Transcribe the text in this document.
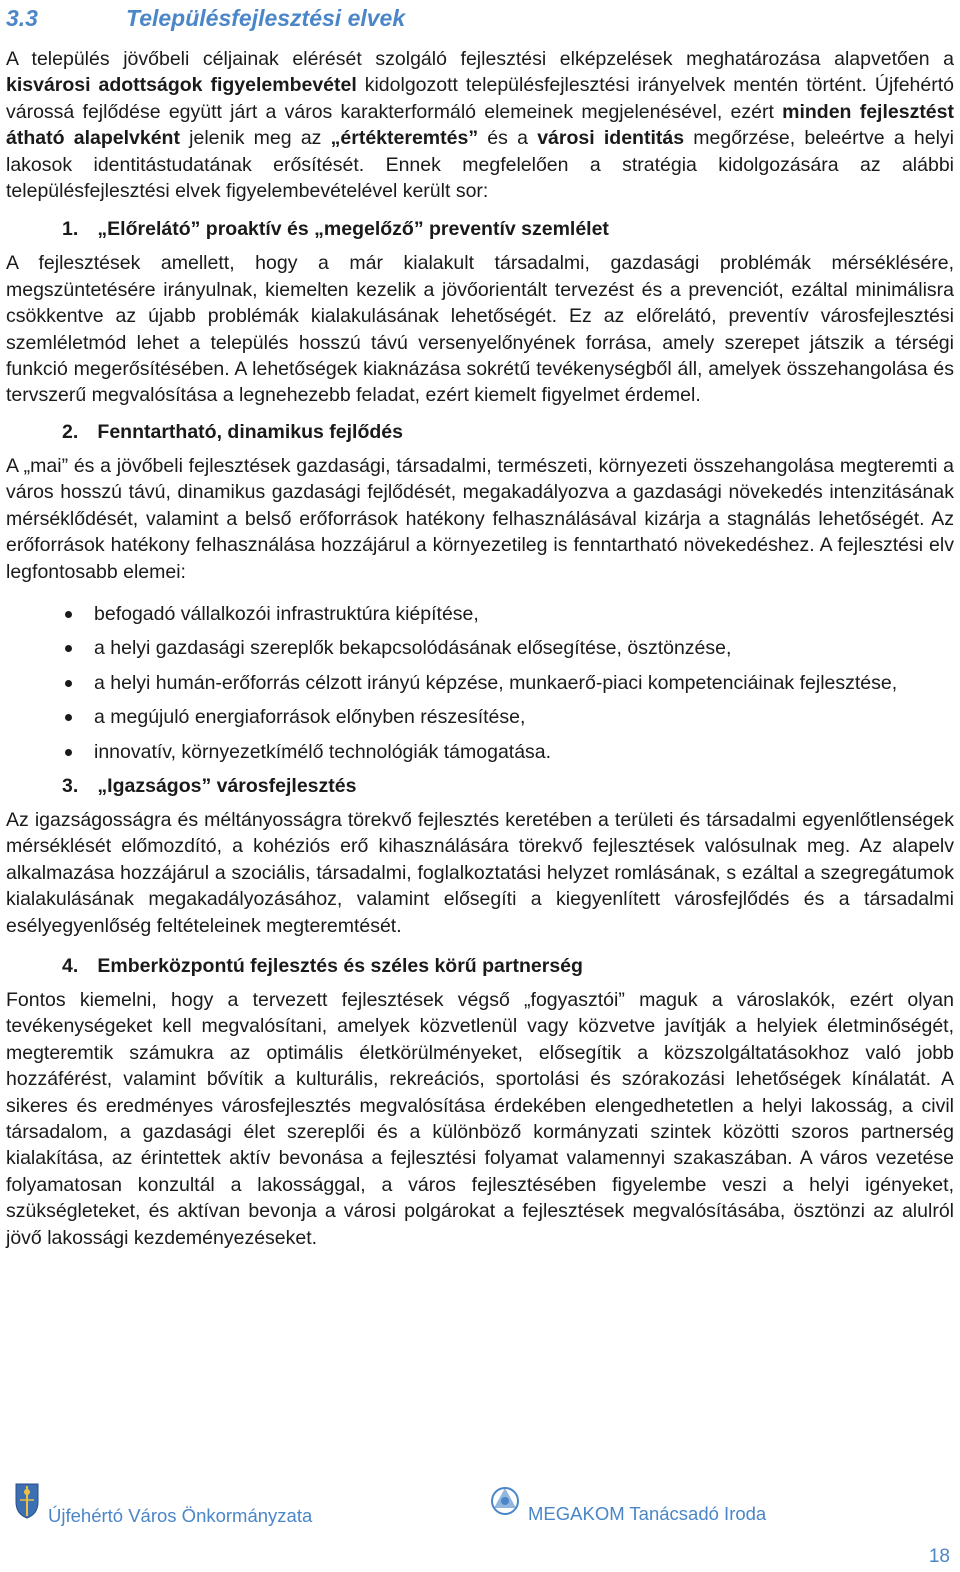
3.3	Településfejlesztési elvek

A település jövőbeli céljainak elérését szolgáló fejlesztési elképzelések meghatározása alapvetően a kisvárosi adottságok figyelembevétel kidolgozott településfejlesztési irányelvek mentén történt. Újfehértó várossá fejlődése együtt járt a város karakterformáló elemeinek megjelenésével, ezért minden fejlesztést átható alapelvként jelenik meg az „értékteremtés” és a városi identitás megőrzése, beleértve a helyi lakosok identitástudatának erősítését. Ennek megfelelően a stratégia kidolgozására az alábbi településfejlesztési elvek figyelembevételével került sor:

1. „Előrelátó” proaktív és „megelőző” preventív szemlélet

A fejlesztések amellett, hogy a már kialakult társadalmi, gazdasági problémák mérséklésére, megszüntetésére irányulnak, kiemelten kezelik a jövőorientált tervezést és a prevenciót, ezáltal minimálisra csökkentve az újabb problémák kialakulásának lehetőségét. Ez az előrelátó, preventív városfejlesztési szemléletmód lehet a település hosszú távú versenyelőnyének forrása, amely szerepet játszik a térségi funkció megerősítésében. A lehetőségek kiaknázása sokrétű tevékenységből áll, amelyek összehangolása és tervszerű megvalósítása a legnehezebb feladat, ezért kiemelt figyelmet érdemel.

2. Fenntartható, dinamikus fejlődés

A „mai” és a jövőbeli fejlesztések gazdasági, társadalmi, természeti, környezeti összehangolása megteremti a város hosszú távú, dinamikus gazdasági fejlődését, megakadályozva a gazdasági növekedés intenzitásának mérséklődését, valamint a belső erőforrások hatékony felhasználásával kizárja a stagnálás lehetőségét. Az erőforrások hatékony felhasználása hozzájárul a környezetileg is fenntartható növekedéshez. A fejlesztési elv legfontosabb elemei:

befogadó vállalkozói infrastruktúra kiépítése,
a helyi gazdasági szereplők bekapcsolódásának elősegítése, ösztönzése,
a helyi humán-erőforrás célzott irányú képzése, munkaerő-piaci kompetenciáinak fejlesztése,
a megújuló energiaforrások előnyben részesítése,
innovatív, környezetkímélő technológiák támogatása.
3. „Igazságos” városfejlesztés

Az igazságosságra és méltányosságra törekvő fejlesztés keretében a területi és társadalmi egyenlőtlenségek mérséklését előmozdító, a kohéziós erő kihasználására törekvő fejlesztések valósulnak meg. Az alapelv alkalmazása hozzájárul a szociális, társadalmi, foglalkoztatási helyzet romlásának, s ezáltal a szegregátumok kialakulásának megakadályozásához, valamint elősegíti a kiegyenlített városfejlődés és a társadalmi esélyegyenlőség feltételeinek megteremtését.

4. Emberközpontú fejlesztés és széles körű partnerség

Fontos kiemelni, hogy a tervezett fejlesztések végső „fogyasztói” maguk a városlakók, ezért olyan tevékenységeket kell megvalósítani, amelyek közvetlenül vagy közvetve javítják a helyiek életminőségét, megteremtik számukra az optimális életkörülményeket, elősegítik a közszolgáltatásokhoz való jobb hozzáférést, valamint bővítik a kulturális, rekreációs, sportolási és szórakozási lehetőségek kínálatát. A sikeres és eredményes városfejlesztés megvalósítása érdekében elengedhetetlen a helyi lakosság, a civil társadalom, a gazdasági élet szereplői és a különböző kormányzati szintek közötti szoros partnerség kialakítása, az érintettek aktív bevonása a fejlesztési folyamat valamennyi szakaszában. A város vezetése folyamatosan konzultál a lakossággal, a város fejlesztésében figyelembe veszi a helyi igényeket, szükségleteket, és aktívan bevonja a városi polgárokat a fejlesztések megvalósításába, ösztönzi az alulról jövő lakossági kezdeményezéseket.

Újfehértó Város Önkormányzata	MEGAKOM Tanácsadó Iroda
18
